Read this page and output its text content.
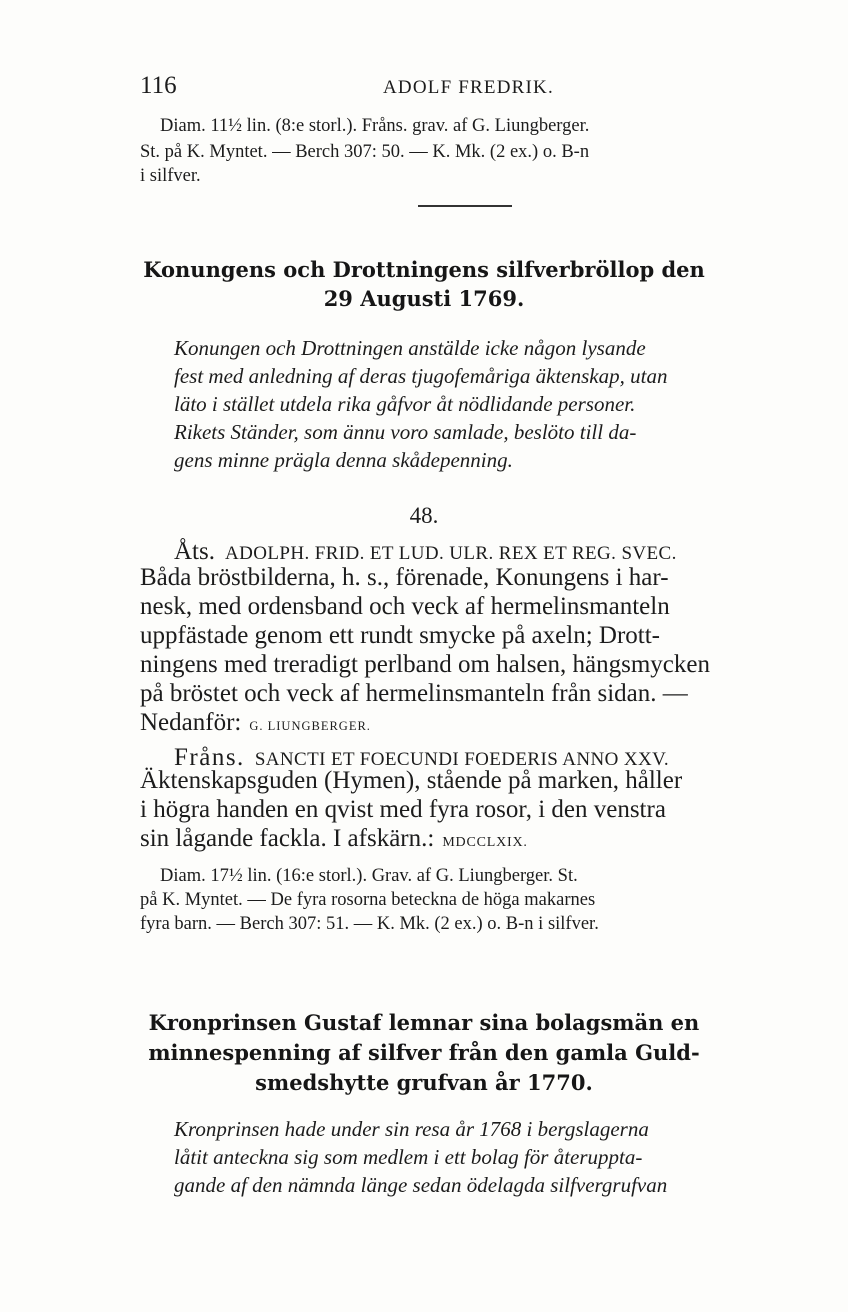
116	ADOLF FREDRIK.
Diam. 11½ lin. (8:e storl.). Fråns. grav. af G. Liungberger.
St. på K. Myntet. — Berch 307: 50. — K. Mk. (2 ex.) o. B-n
i silfver.
Konungens och Drottningens silfverbröllop den
29 Augusti 1769.
Konungen och Drottningen anstälde icke någon lysande
fest med anledning af deras tjugofemåriga äktenskap, utan
läto i stället utdela rika gåfvor åt nödlidande personer.
Rikets Ständer, som ännu voro samlade, beslöto till da-
gens minne prägla denna skådepenning.
48.
Åts. ADOLPH. FRID. ET LUD. ULR. REX ET REG. SVEC.
Båda bröstbilderna, h. s., förenade, Konungens i har-
nesk, med ordensband och veck af hermelinsmanteln
uppfästade genom ett rundt smycke på axeln; Drott-
ningens med treradigt perlband om halsen, hängsmycken
på bröstet och veck af hermelinsmanteln från sidan. —
Nedanför: G. LIUNGBERGER.
Fråns. SANCTI ET FOECUNDI FOEDERIS ANNO XXV.
Äktenskapsguden (Hymen), stående på marken, håller
i högra handen en qvist med fyra rosor, i den venstra
sin lågande fackla. I afskärn.: MDCCLXIX.
Diam. 17½ lin. (16:e storl.). Grav. af G. Liungberger. St.
på K. Myntet. — De fyra rosorna beteckna de höga makarnes
fyra barn. — Berch 307: 51. — K. Mk. (2 ex.) o. B-n i silfver.
Kronprinsen Gustaf lemnar sina bolagsmän en
minnespenning af silfver från den gamla Guld-
smedshytte grufvan år 1770.
Kronprinsen hade under sin resa år 1768 i bergslagerna
låtit anteckna sig som medlem i ett bolag för återuppta-
gande af den nämnda länge sedan ödelagda silfvergrufvan
